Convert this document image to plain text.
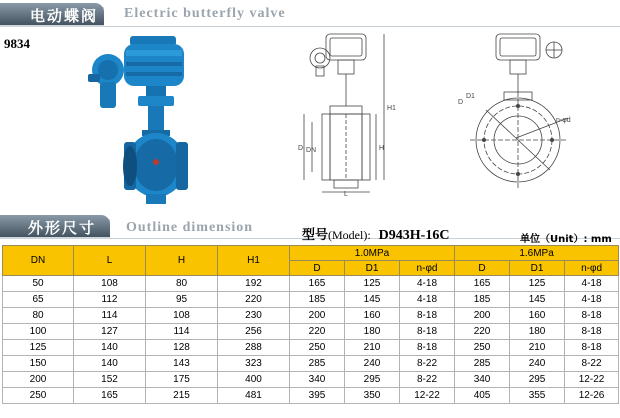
电动蝶阀 Electric butterfly valve
9834
D DN
H1
H
L
D
D1
n-φd
外形尺寸 Outline dimension
型号(Model): D943H-16C	单位（Unit）: mm
DN	L	H	H1	1.0MPa			1.6MPa		
				D	D1	n-φd	D	D1	n-φd
50	108	80	192	165	125	4-18	165	125	4-18
65	112	95	220	185	145	4-18	185	145	4-18
80	114	108	230	200	160	8-18	200	160	8-18
100	127	114	256	220	180	8-18	220	180	8-18
125	140	128	288	250	210	8-18	250	210	8-18
150	140	143	323	285	240	8-22	285	240	8-22
200	152	175	400	340	295	8-22	340	295	12-22
250	165	215	481	395	350	12-22	405	355	12-26
